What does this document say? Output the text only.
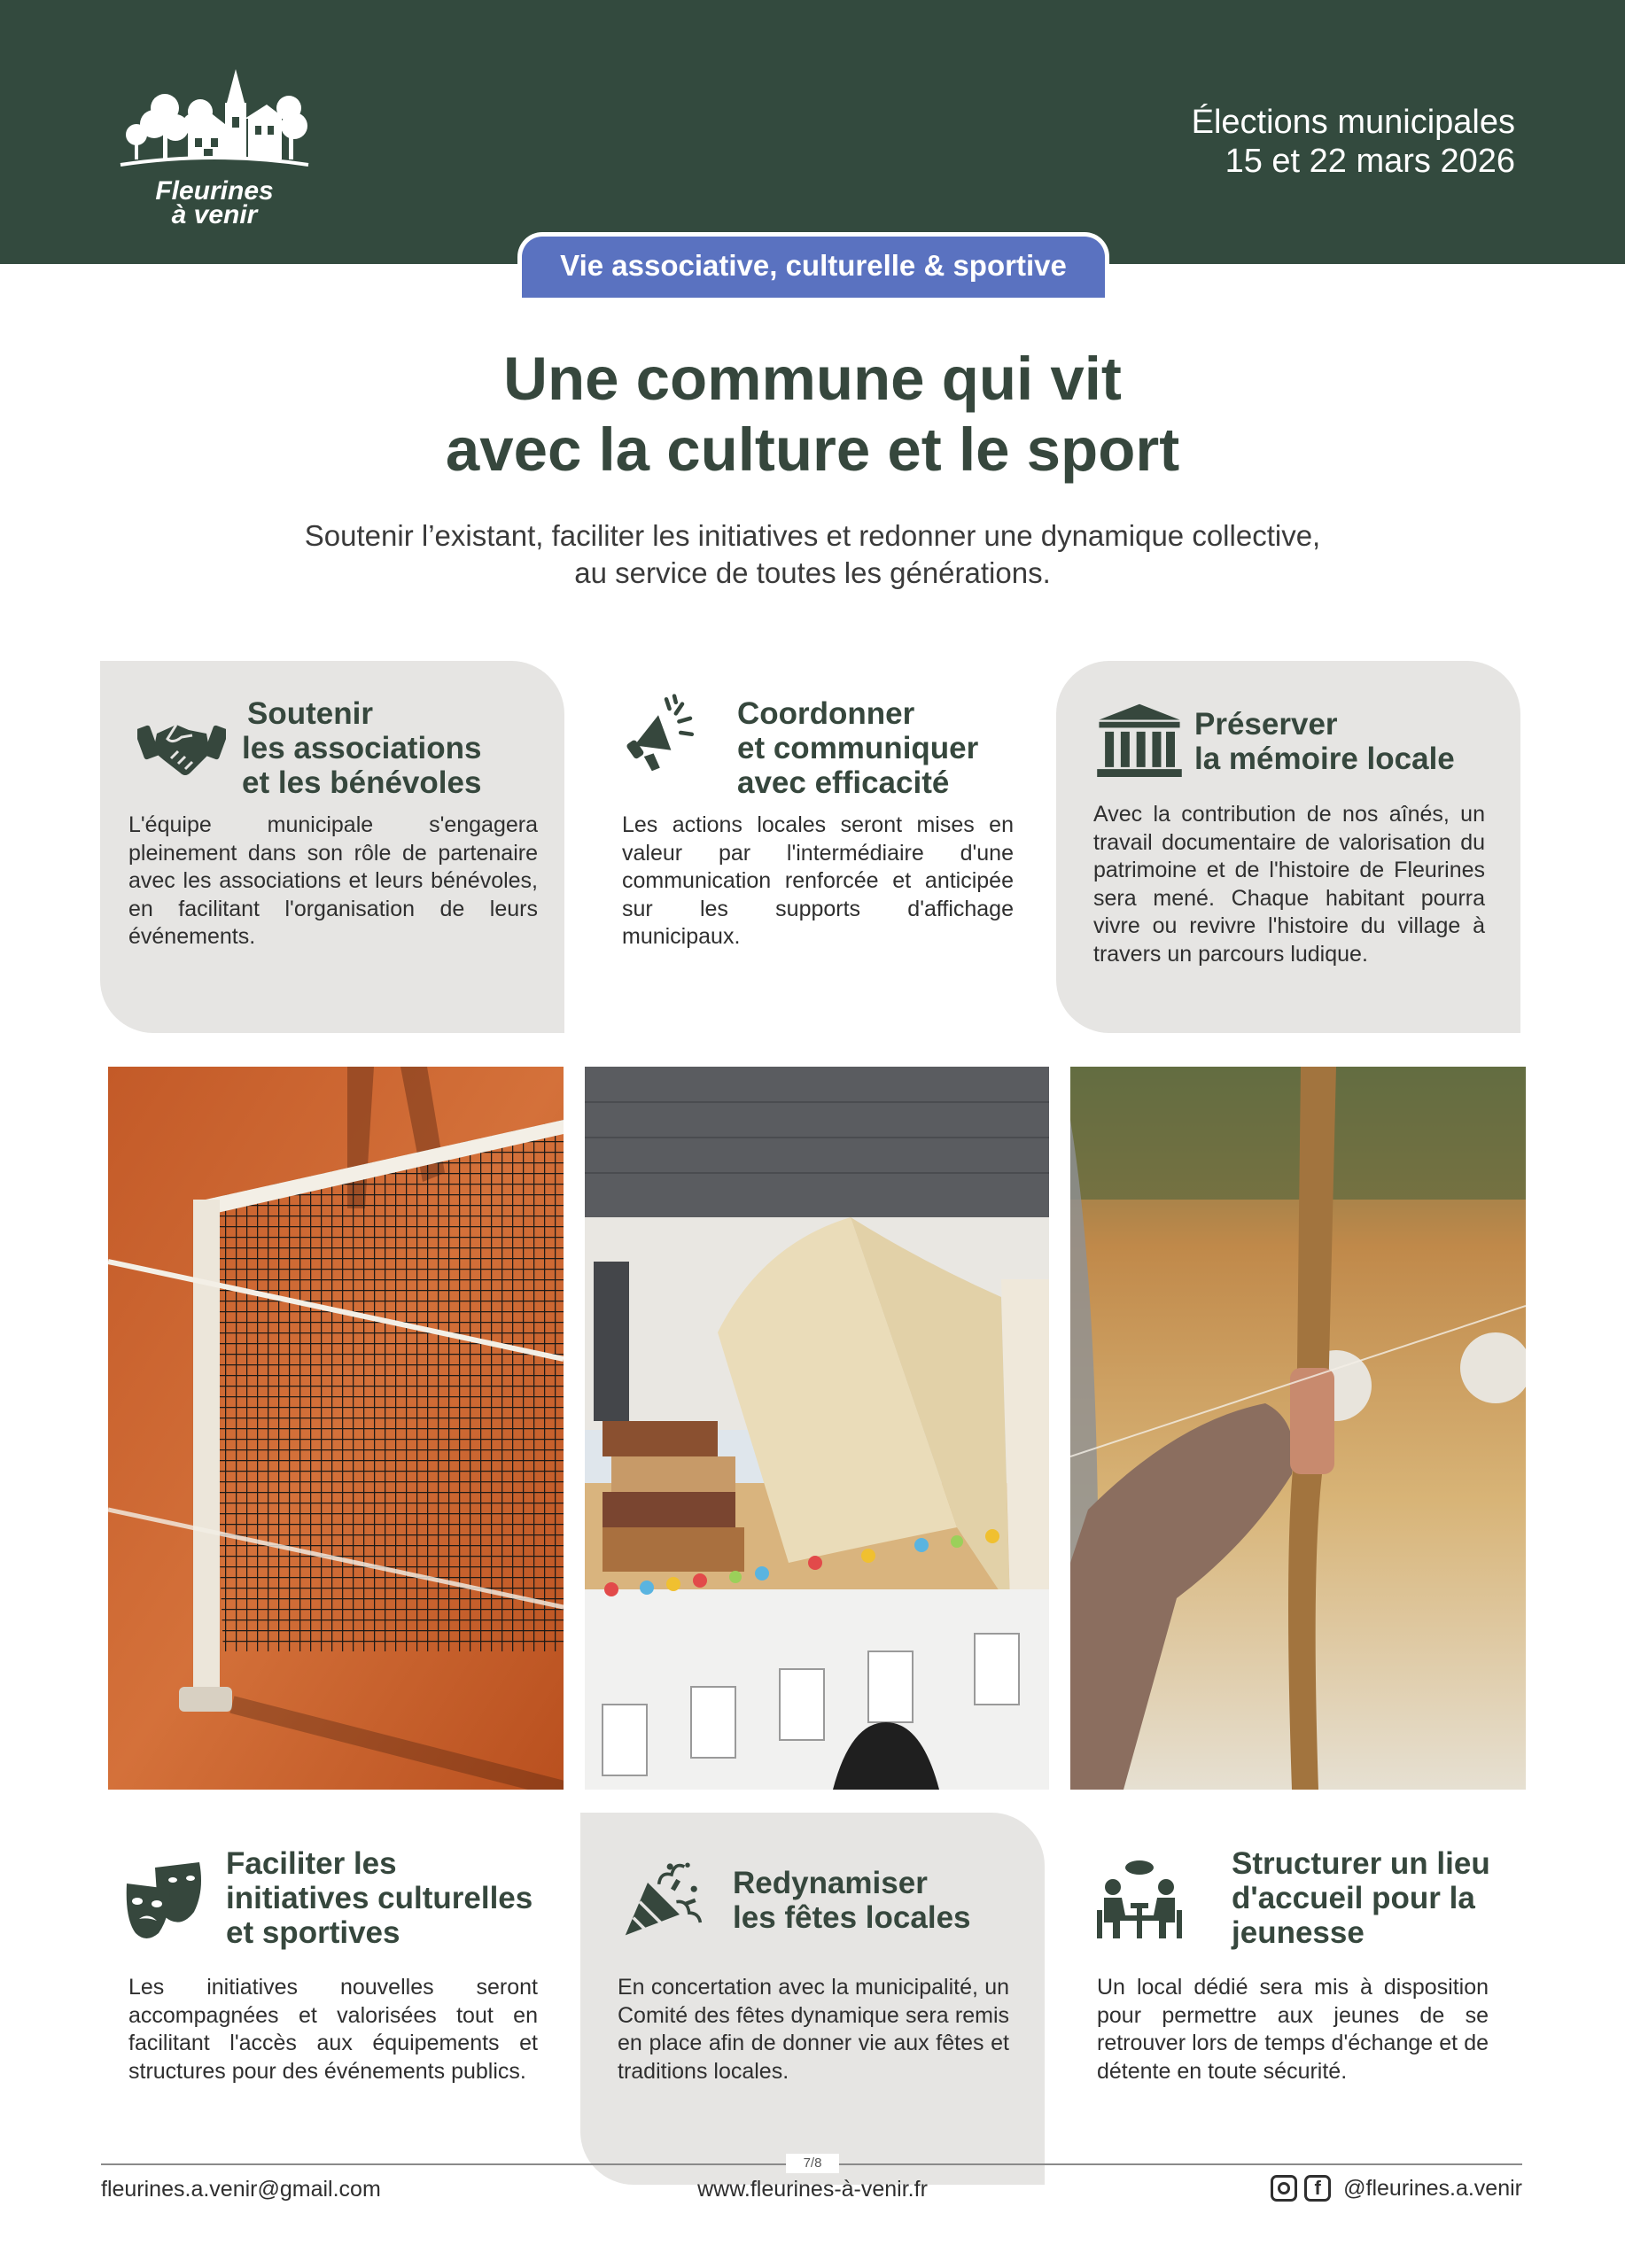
Fleurines
à venir
Élections municipales
15 et 22 mars 2026
Vie associative, culturelle & sportive
Une commune qui vit
avec la culture et le sport
Soutenir l’existant, faciliter les initiatives et redonner une dynamique collective,
au service de toutes les générations.
Soutenir
les associations
et les bénévoles

L'équipe municipale s'engagera pleinement dans son rôle de partenaire avec les associations et leurs bénévoles, en facilitant l'organisation de leurs événements.

Coordonner
et communiquer
avec efficacité

Les actions locales seront mises en valeur par l'intermédiaire d'une communication renforcée et anticipée sur les supports d'affichage municipaux.

Préserver
la mémoire locale

Avec la contribution de nos aînés, un travail documentaire de valorisation du patrimoine et de l'histoire de Fleurines sera mené. Chaque habitant pourra vivre ou revivre l'histoire du village à travers un parcours ludique.

Faciliter les
initiatives culturelles
et sportives

Les initiatives nouvelles seront accompagnées et valorisées tout en facilitant l'accès aux équipements et structures pour des événements publics.

Redynamiser
les fêtes locales

En concertation avec la municipalité, un Comité des fêtes dynamique sera remis en place afin de donner vie aux fêtes et traditions locales.

Structurer un lieu
d'accueil pour la
jeunesse

Un local dédié sera mis à disposition pour permettre aux jeunes de se retrouver lors de temps d'échange et de détente en toute sécurité.

7/8
fleurines.a.venir@gmail.com	www.fleurines-à-venir.fr	f	@fleurines.a.venir
